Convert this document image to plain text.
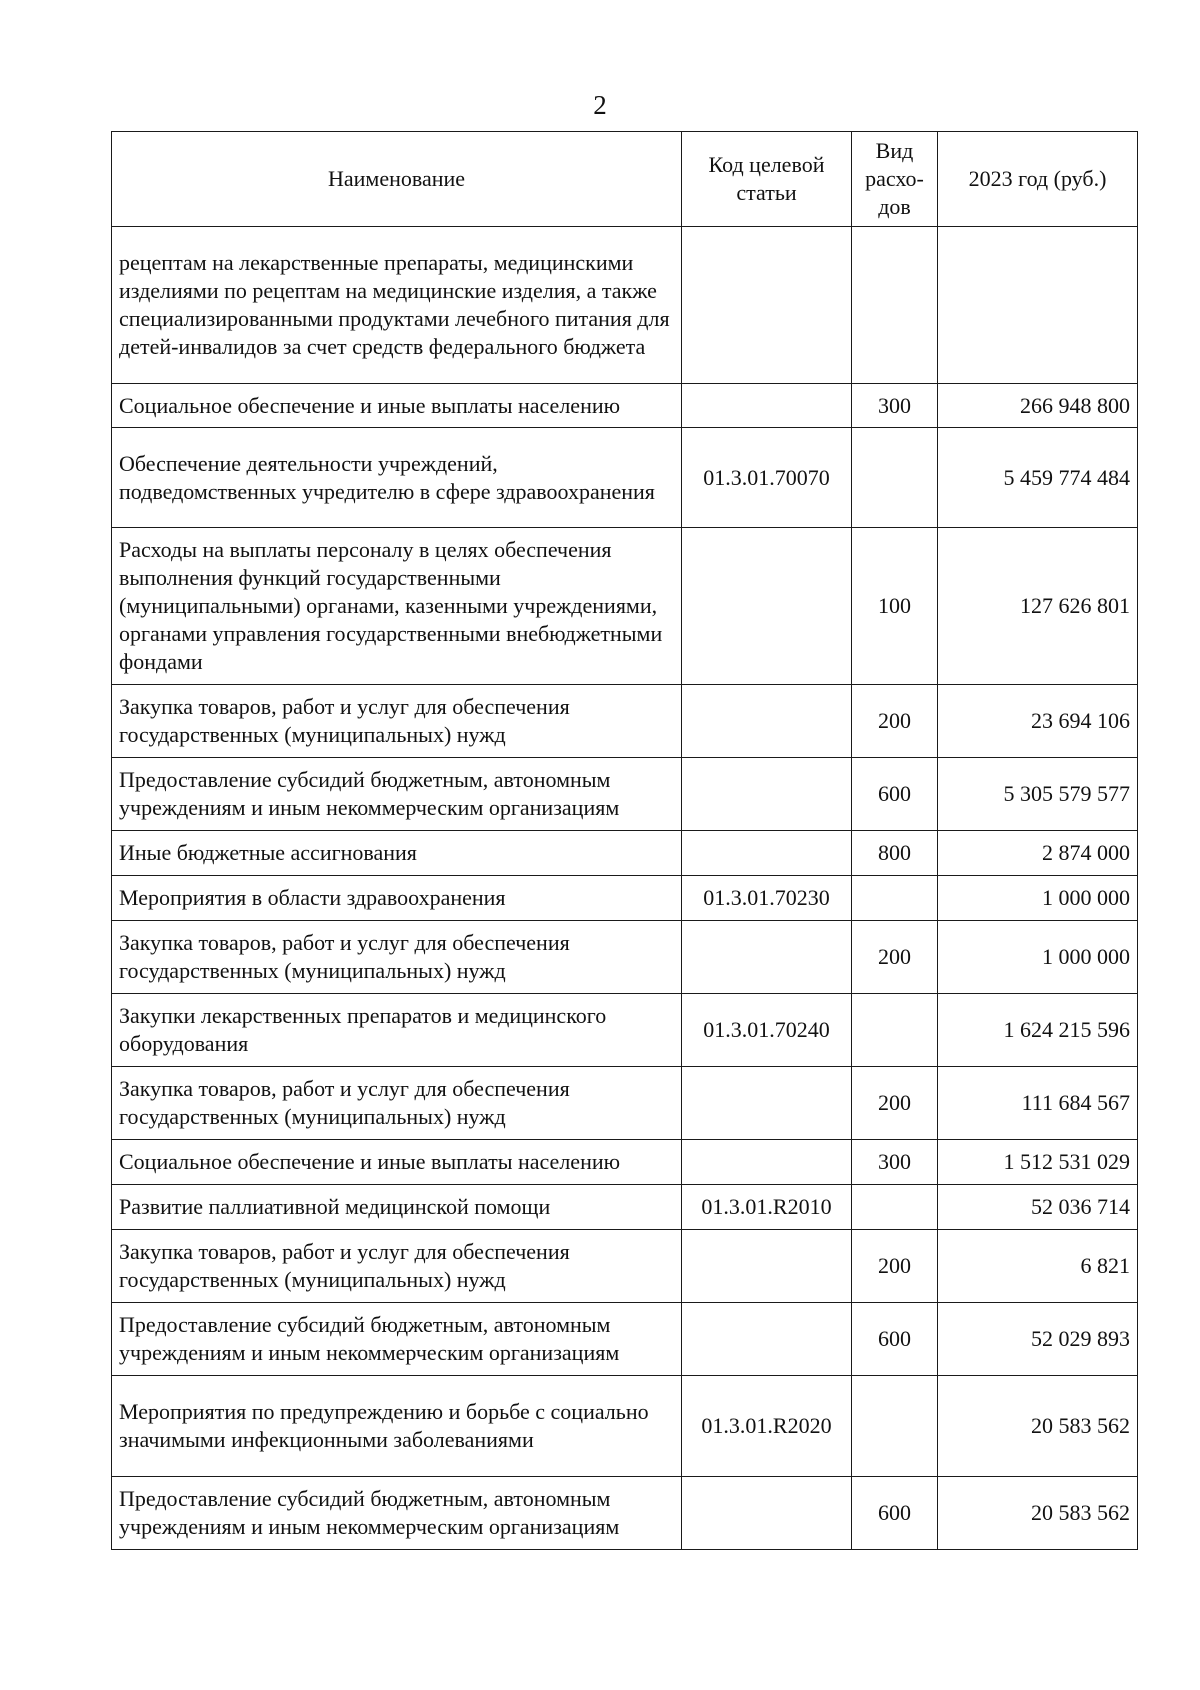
2
Наименование	Код целевой статьи	Вид расхо-дов	2023 год (руб.)
рецептам на лекарственные препараты, медицинскими изделиями по рецептам на медицинские изделия, а также специализированными продуктами лечебного питания для детей-инвалидов за счет средств федерального бюджета			
Социальное обеспечение и иные выплаты населению		300	266 948 800
Обеспечение деятельности учреждений, подведомственных учредителю в сфере здравоохранения	01.3.01.70070		5 459 774 484
Расходы на выплаты персоналу в целях обеспечения выполнения функций государственными (муниципальными) органами, казенными учреждениями, органами управления государственными внебюджетными фондами		100	127 626 801
Закупка товаров, работ и услуг для обеспечения государственных (муниципальных) нужд		200	23 694 106
Предоставление субсидий бюджетным, автономным учреждениям и иным некоммерческим организациям		600	5 305 579 577
Иные бюджетные ассигнования		800	2 874 000
Мероприятия в области здравоохранения	01.3.01.70230		1 000 000
Закупка товаров, работ и услуг для обеспечения государственных (муниципальных) нужд		200	1 000 000
Закупки лекарственных препаратов и медицинского оборудования	01.3.01.70240		1 624 215 596
Закупка товаров, работ и услуг для обеспечения государственных (муниципальных) нужд		200	111 684 567
Социальное обеспечение и иные выплаты населению		300	1 512 531 029
Развитие паллиативной медицинской помощи	01.3.01.R2010		52 036 714
Закупка товаров, работ и услуг для обеспечения государственных (муниципальных) нужд		200	6 821
Предоставление субсидий бюджетным, автономным учреждениям и иным некоммерческим организациям		600	52 029 893
Мероприятия по предупреждению и борьбе с социально значимыми инфекционными заболеваниями	01.3.01.R2020		20 583 562
Предоставление субсидий бюджетным, автономным учреждениям и иным некоммерческим организациям		600	20 583 562
